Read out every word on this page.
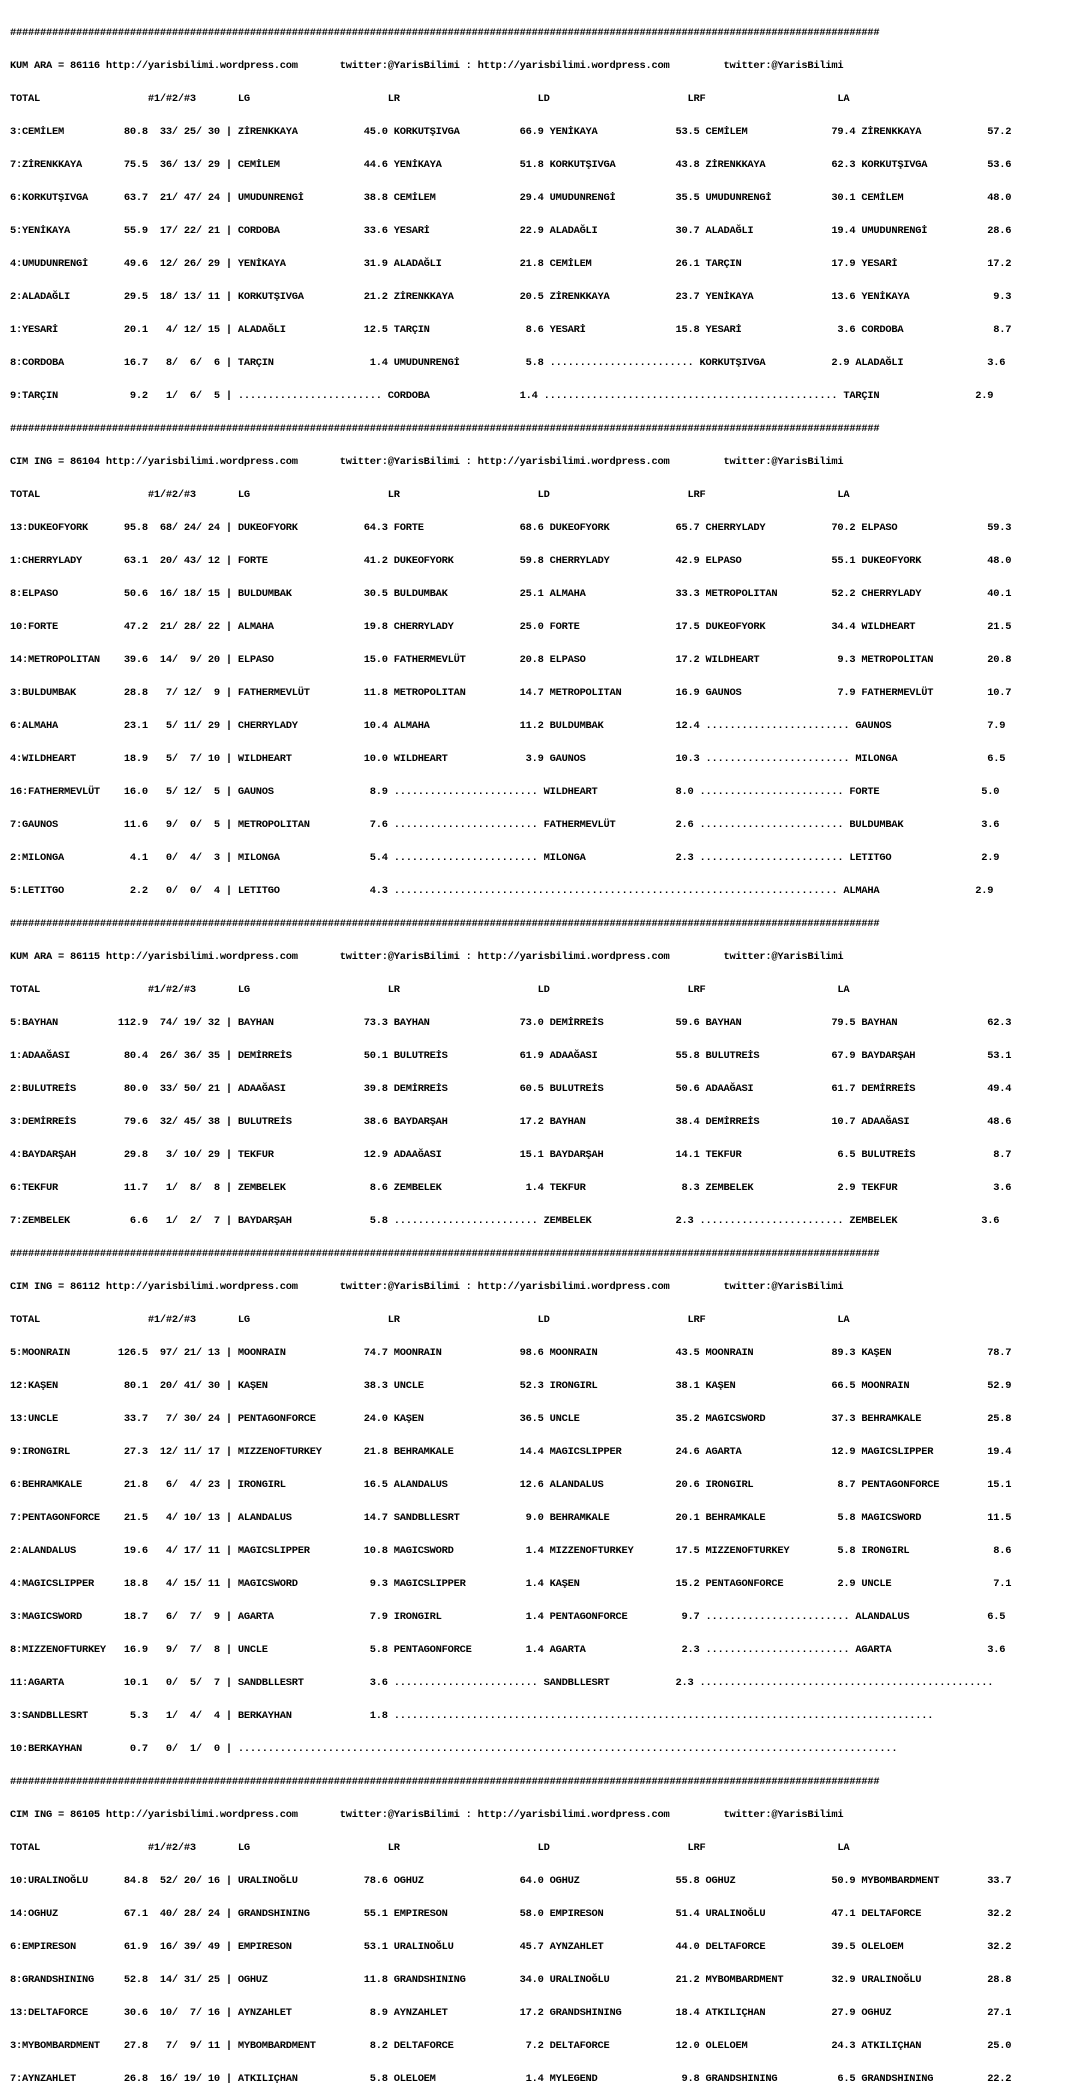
#################################################################################################################################################

KUM ARA = 86116 http://yarisbilimi.wordpress.com       twitter:@YarisBilimi : http://yarisbilimi.wordpress.com         twitter:@YarisBilimi

TOTAL                  #1/#2/#3       LG                       LR                       LD                       LRF                      LA

3:CEMİLEM          80.8  33/ 25/ 30 | ZİRENKKAYA           45.0 KORKUTŞIVGA          66.9 YENİKAYA             53.5 CEMİLEM              79.4 ZİRENKKAYA           57.2

7:ZİRENKKAYA       75.5  36/ 13/ 29 | CEMİLEM              44.6 YENİKAYA             51.8 KORKUTŞIVGA          43.8 ZİRENKKAYA           62.3 KORKUTŞIVGA          53.6

6:KORKUTŞIVGA      63.7  21/ 47/ 24 | UMUDUNRENGİ          38.8 CEMİLEM              29.4 UMUDUNRENGİ          35.5 UMUDUNRENGİ          30.1 CEMİLEM              48.0

5:YENİKAYA         55.9  17/ 22/ 21 | CORDOBA              33.6 YESARİ               22.9 ALADAĞLI             30.7 ALADAĞLI             19.4 UMUDUNRENGİ          28.6

4:UMUDUNRENGİ      49.6  12/ 26/ 29 | YENİKAYA             31.9 ALADAĞLI             21.8 CEMİLEM              26.1 TARÇIN               17.9 YESARİ               17.2

2:ALADAĞLI         29.5  18/ 13/ 11 | KORKUTŞIVGA          21.2 ZİRENKKAYA           20.5 ZİRENKKAYA           23.7 YENİKAYA             13.6 YENİKAYA              9.3

1:YESARİ           20.1   4/ 12/ 15 | ALADAĞLI             12.5 TARÇIN                8.6 YESARİ               15.8 YESARİ                3.6 CORDOBA               8.7

8:CORDOBA          16.7   8/  6/  6 | TARÇIN                1.4 UMUDUNRENGİ           5.8 ........................ KORKUTŞIVGA           2.9 ALADAĞLI              3.6

9:TARÇIN            9.2   1/  6/  5 | ........................ CORDOBA               1.4 ................................................. TARÇIN                2.9

#################################################################################################################################################

CIM ING = 86104 http://yarisbilimi.wordpress.com       twitter:@YarisBilimi : http://yarisbilimi.wordpress.com         twitter:@YarisBilimi

TOTAL                  #1/#2/#3       LG                       LR                       LD                       LRF                      LA

13:DUKEOFYORK      95.8  68/ 24/ 24 | DUKEOFYORK           64.3 FORTE                68.6 DUKEOFYORK           65.7 CHERRYLADY           70.2 ELPASO               59.3

1:CHERRYLADY       63.1  20/ 43/ 12 | FORTE                41.2 DUKEOFYORK           59.8 CHERRYLADY           42.9 ELPASO               55.1 DUKEOFYORK           48.0

8:ELPASO           50.6  16/ 18/ 15 | BULDUMBAK            30.5 BULDUMBAK            25.1 ALMAHA               33.3 METROPOLITAN         52.2 CHERRYLADY           40.1

10:FORTE           47.2  21/ 28/ 22 | ALMAHA               19.8 CHERRYLADY           25.0 FORTE                17.5 DUKEOFYORK           34.4 WILDHEART            21.5

14:METROPOLITAN    39.6  14/  9/ 20 | ELPASO               15.0 FATHERMEVLÜT         20.8 ELPASO               17.2 WILDHEART             9.3 METROPOLITAN         20.8

3:BULDUMBAK        28.8   7/ 12/  9 | FATHERMEVLÜT         11.8 METROPOLITAN         14.7 METROPOLITAN         16.9 GAUNOS                7.9 FATHERMEVLÜT         10.7

6:ALMAHA           23.1   5/ 11/ 29 | CHERRYLADY           10.4 ALMAHA               11.2 BULDUMBAK            12.4 ........................ GAUNOS                7.9

4:WILDHEART        18.9   5/  7/ 10 | WILDHEART            10.0 WILDHEART             3.9 GAUNOS               10.3 ........................ MILONGA               6.5

16:FATHERMEVLÜT    16.0   5/ 12/  5 | GAUNOS                8.9 ........................ WILDHEART             8.0 ........................ FORTE                 5.0

7:GAUNOS           11.6   9/  0/  5 | METROPOLITAN          7.6 ........................ FATHERMEVLÜT          2.6 ........................ BULDUMBAK             3.6

2:MILONGA           4.1   0/  4/  3 | MILONGA               5.4 ........................ MILONGA               2.3 ........................ LETITGO               2.9

5:LETITGO           2.2   0/  0/  4 | LETITGO               4.3 .......................................................................... ALMAHA                2.9

#################################################################################################################################################

KUM ARA = 86115 http://yarisbilimi.wordpress.com       twitter:@YarisBilimi : http://yarisbilimi.wordpress.com         twitter:@YarisBilimi

TOTAL                  #1/#2/#3       LG                       LR                       LD                       LRF                      LA

5:BAYHAN          112.9  74/ 19/ 32 | BAYHAN               73.3 BAYHAN               73.0 DEMİRREİS            59.6 BAYHAN               79.5 BAYHAN               62.3

1:ADAAĞASI         80.4  26/ 36/ 35 | DEMİRREİS            50.1 BULUTREİS            61.9 ADAAĞASI             55.8 BULUTREİS            67.9 BAYDARŞAH            53.1

2:BULUTREİS        80.0  33/ 50/ 21 | ADAAĞASI             39.8 DEMİRREİS            60.5 BULUTREİS            50.6 ADAAĞASI             61.7 DEMİRREİS            49.4

3:DEMİRREİS        79.6  32/ 45/ 38 | BULUTREİS            38.6 BAYDARŞAH            17.2 BAYHAN               38.4 DEMİRREİS            10.7 ADAAĞASI             48.6

4:BAYDARŞAH        29.8   3/ 10/ 29 | TEKFUR               12.9 ADAAĞASI             15.1 BAYDARŞAH            14.1 TEKFUR                6.5 BULUTREİS             8.7

6:TEKFUR           11.7   1/  8/  8 | ZEMBELEK              8.6 ZEMBELEK              1.4 TEKFUR                8.3 ZEMBELEK              2.9 TEKFUR                3.6

7:ZEMBELEK          6.6   1/  2/  7 | BAYDARŞAH             5.8 ........................ ZEMBELEK              2.3 ........................ ZEMBELEK              3.6

#################################################################################################################################################

CIM ING = 86112 http://yarisbilimi.wordpress.com       twitter:@YarisBilimi : http://yarisbilimi.wordpress.com         twitter:@YarisBilimi

TOTAL                  #1/#2/#3       LG                       LR                       LD                       LRF                      LA

5:MOONRAIN        126.5  97/ 21/ 13 | MOONRAIN             74.7 MOONRAIN             98.6 MOONRAIN             43.5 MOONRAIN             89.3 KAŞEN                78.7

12:KAŞEN           80.1  20/ 41/ 30 | KAŞEN                38.3 UNCLE                52.3 IRONGIRL             38.1 KAŞEN                66.5 MOONRAIN             52.9

13:UNCLE           33.7   7/ 30/ 24 | PENTAGONFORCE        24.0 KAŞEN                36.5 UNCLE                35.2 MAGICSWORD           37.3 BEHRAMKALE           25.8

9:IRONGIRL         27.3  12/ 11/ 17 | MIZZENOFTURKEY       21.8 BEHRAMKALE           14.4 MAGICSLIPPER         24.6 AGARTA               12.9 MAGICSLIPPER         19.4

6:BEHRAMKALE       21.8   6/  4/ 23 | IRONGIRL             16.5 ALANDALUS            12.6 ALANDALUS            20.6 IRONGIRL              8.7 PENTAGONFORCE        15.1

7:PENTAGONFORCE    21.5   4/ 10/ 13 | ALANDALUS            14.7 SANDBLLESRT           9.0 BEHRAMKALE           20.1 BEHRAMKALE            5.8 MAGICSWORD           11.5

2:ALANDALUS        19.6   4/ 17/ 11 | MAGICSLIPPER         10.8 MAGICSWORD            1.4 MIZZENOFTURKEY       17.5 MIZZENOFTURKEY        5.8 IRONGIRL              8.6

4:MAGICSLIPPER     18.8   4/ 15/ 11 | MAGICSWORD            9.3 MAGICSLIPPER          1.4 KAŞEN                15.2 PENTAGONFORCE         2.9 UNCLE                 7.1

3:MAGICSWORD       18.7   6/  7/  9 | AGARTA                7.9 IRONGIRL              1.4 PENTAGONFORCE         9.7 ........................ ALANDALUS             6.5

8:MIZZENOFTURKEY   16.9   9/  7/  8 | UNCLE                 5.8 PENTAGONFORCE         1.4 AGARTA                2.3 ........................ AGARTA                3.6

11:AGARTA          10.1   0/  5/  7 | SANDBLLESRT           3.6 ........................ SANDBLLESRT           2.3 .................................................

3:SANDBLLESRT       5.3   1/  4/  4 | BERKAYHAN             1.8 ..........................................................................................

10:BERKAYHAN        0.7   0/  1/  0 | ..............................................................................................................

#################################################################################################################################################

CIM ING = 86105 http://yarisbilimi.wordpress.com       twitter:@YarisBilimi : http://yarisbilimi.wordpress.com         twitter:@YarisBilimi

TOTAL                  #1/#2/#3       LG                       LR                       LD                       LRF                      LA

10:URALINOĞLU      84.8  52/ 20/ 16 | URALINOĞLU           78.6 OGHUZ                64.0 OGHUZ                55.8 OGHUZ                50.9 MYBOMBARDMENT        33.7

14:OGHUZ           67.1  40/ 28/ 24 | GRANDSHINING         55.1 EMPIRESON            58.0 EMPIRESON            51.4 URALINOĞLU           47.1 DELTAFORCE           32.2

6:EMPIRESON        61.9  16/ 39/ 49 | EMPIRESON            53.1 URALINOĞLU           45.7 AYNZAHLET            44.0 DELTAFORCE           39.5 OLELOEM              32.2

8:GRANDSHINING     52.8  14/ 31/ 25 | OGHUZ                11.8 GRANDSHINING         34.0 URALINOĞLU           21.2 MYBOMBARDMENT        32.9 URALINOĞLU           28.8

13:DELTAFORCE      30.6  10/  7/ 16 | AYNZAHLET             8.9 AYNZAHLET            17.2 GRANDSHINING         18.4 ATKILIÇHAN           27.9 OGHUZ                27.1

3:MYBOMBARDMENT    27.8   7/  9/ 11 | MYBOMBARDMENT         8.2 DELTAFORCE            7.2 DELTAFORCE           12.0 OLELOEM              24.3 ATKILIÇHAN           25.0

7:AYNZAHLET        26.8  16/ 19/ 10 | ATKILIÇHAN            5.8 OLELOEM               1.4 MYLEGEND              9.8 GRANDSHINING          6.5 GRANDSHINING         22.2
